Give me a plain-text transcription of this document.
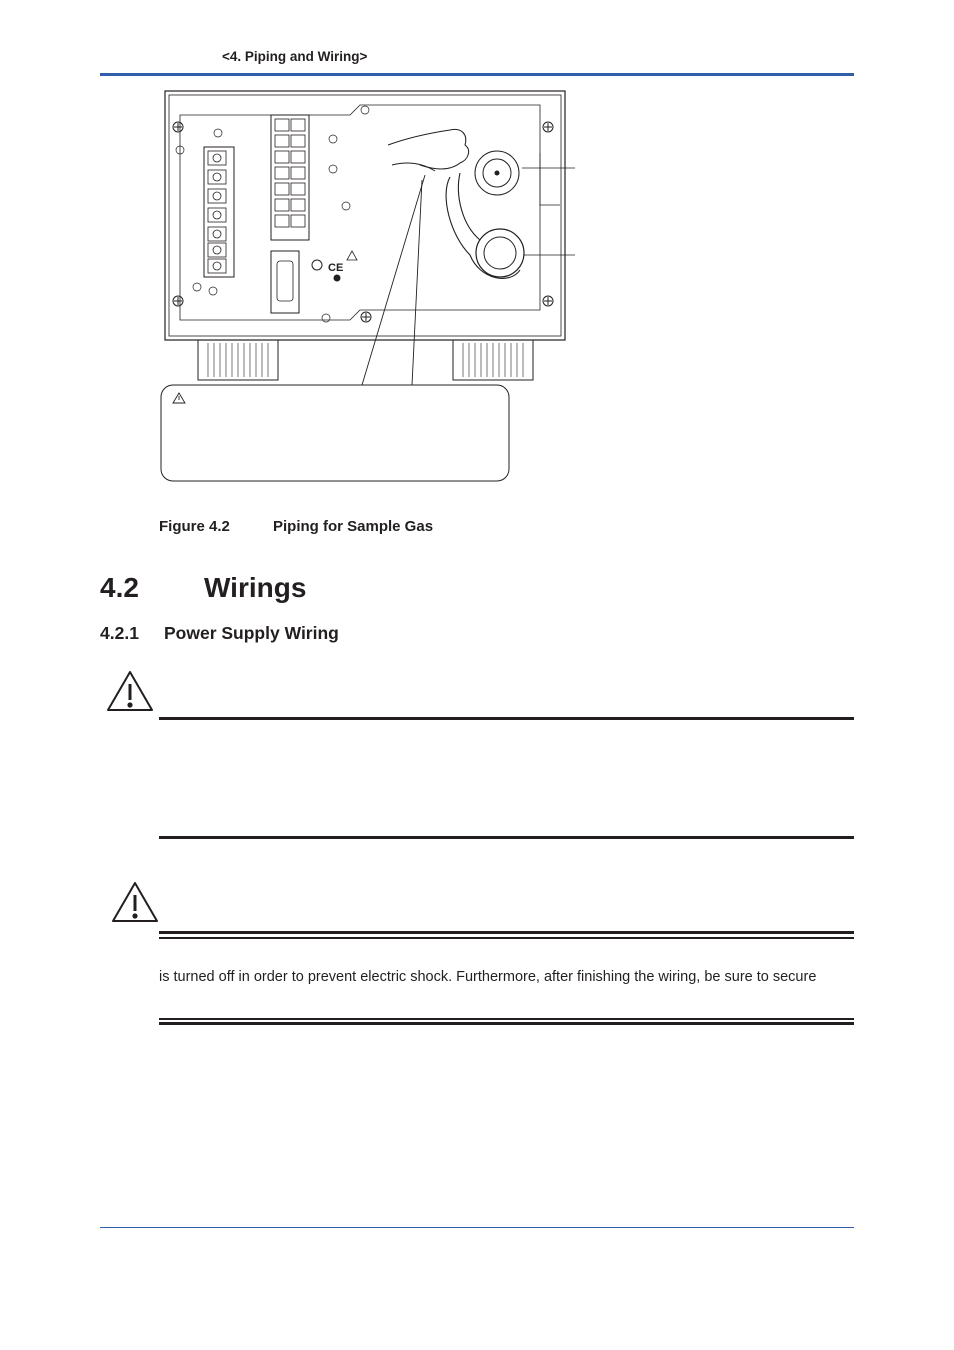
<4. Piping and Wiring>
CE
Figure 4.2	Piping for Sample Gas
4.2 Wirings
4.2.1 Power Supply Wiring
is turned off in order to prevent electric shock. Furthermore, after finishing the wiring, be sure to secure
